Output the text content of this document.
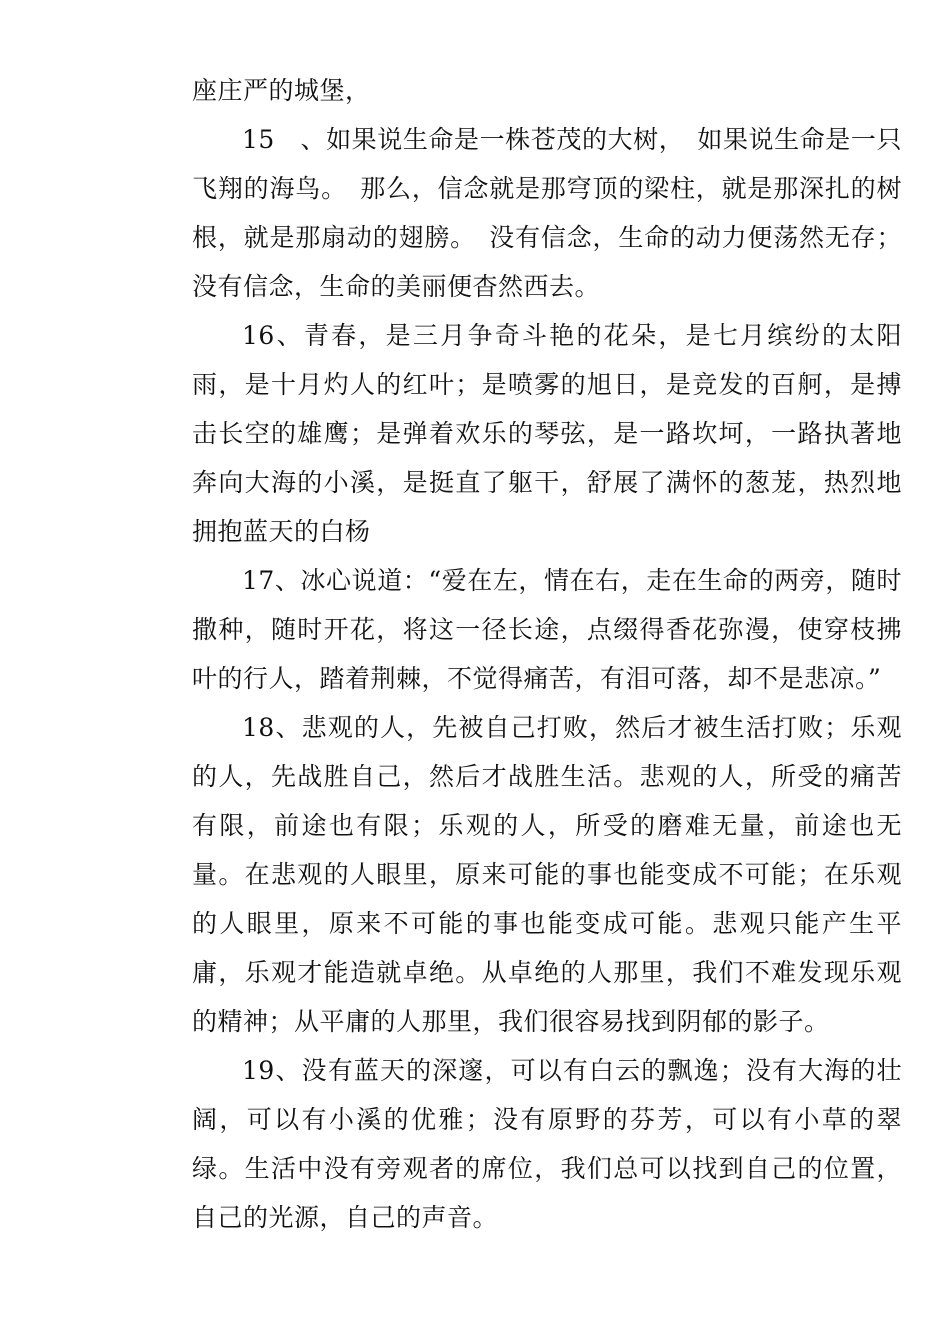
座庄严的城堡，

15　、如果说生命是一株苍茂的大树，　如果说生命是一只飞翔的海鸟。　那么，信念就是那穹顶的梁柱，就是那深扎的树根，就是那扇动的翅膀。　没有信念，生命的动力便荡然无存；没有信念，生命的美丽便杳然西去。

16、青春，是三月争奇斗艳的花朵，是七月缤纷的太阳雨，是十月灼人的红叶；是喷雾的旭日，是竞发的百舸，是搏击长空的雄鹰；是弹着欢乐的琴弦，是一路坎坷，一路执著地奔向大海的小溪，是挺直了躯干，舒展了满怀的葱茏，热烈地拥抱蓝天的白杨

17、冰心说道：“爱在左，情在右，走在生命的两旁，随时撒种，随时开花，将这一径长途，点缀得香花弥漫，使穿枝拂叶的行人，踏着荆棘，不觉得痛苦，有泪可落，却不是悲凉。”

18、悲观的人，先被自己打败，然后才被生活打败；乐观的人，先战胜自己，然后才战胜生活。悲观的人，所受的痛苦有限，前途也有限；乐观的人，所受的磨难无量，前途也无量。在悲观的人眼里，原来可能的事也能变成不可能；在乐观的人眼里，原来不可能的事也能变成可能。悲观只能产生平庸，乐观才能造就卓绝。从卓绝的人那里，我们不难发现乐观的精神；从平庸的人那里，我们很容易找到阴郁的影子。

19、没有蓝天的深邃，可以有白云的飘逸；没有大海的壮阔，可以有小溪的优雅；没有原野的芬芳，可以有小草的翠绿。生活中没有旁观者的席位，我们总可以找到自己的位置，自己的光源，自己的声音。
